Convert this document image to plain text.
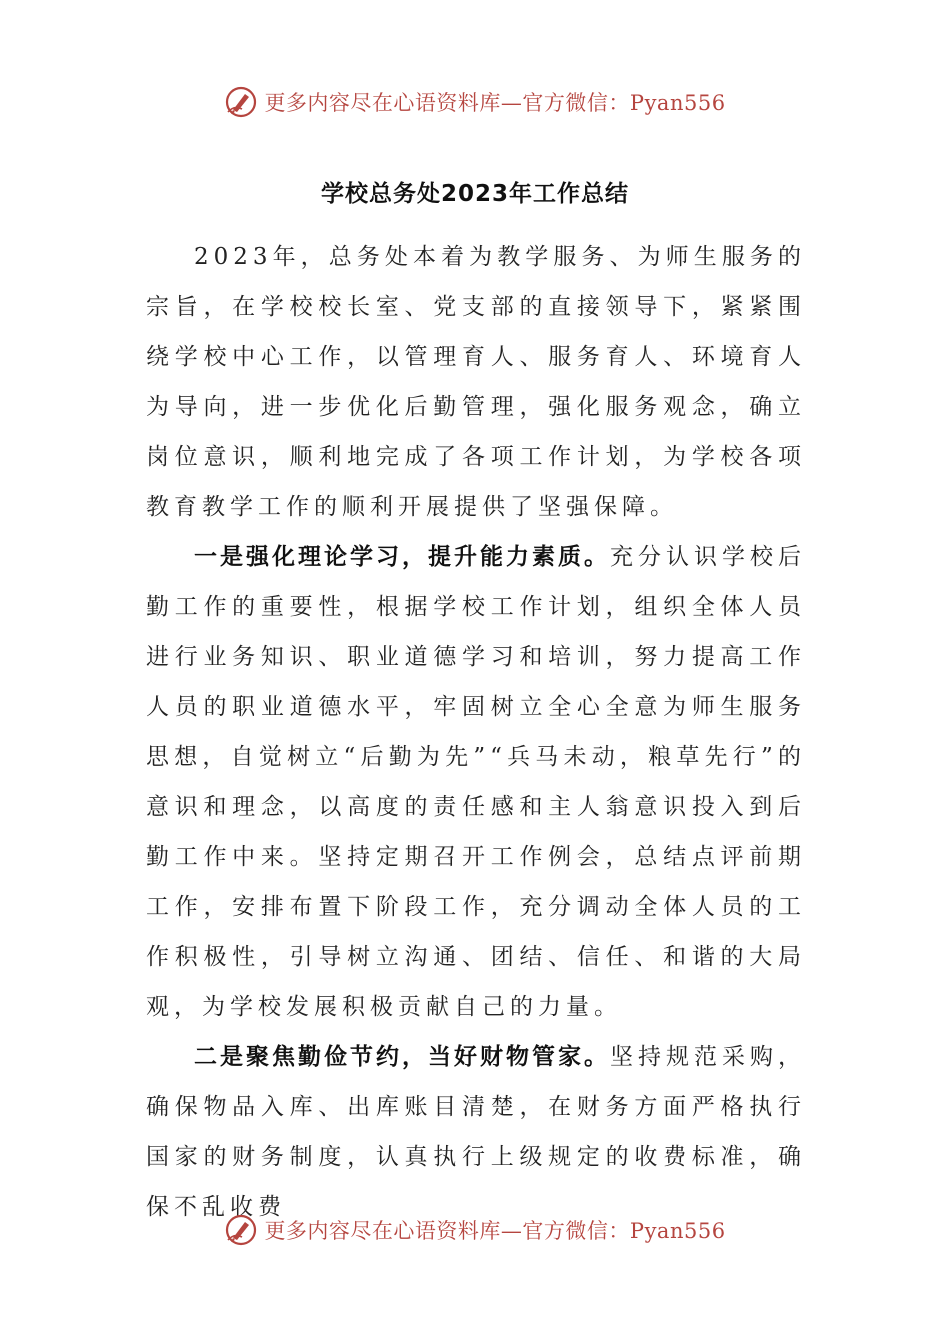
更多内容尽在心语资料库—官方微信：Pyan556
学校总务处2023年工作总结

2023年，总务处本着为教学服务、为师生服务的宗旨，在学校校长室、党支部的直接领导下，紧紧围绕学校中心工作，以管理育人、服务育人、环境育人为导向，进一步优化后勤管理，强化服务观念，确立岗位意识，顺利地完成了各项工作计划，为学校各项教育教学工作的顺利开展提供了坚强保障。

一是强化理论学习，提升能力素质。充分认识学校后勤工作的重要性，根据学校工作计划，组织全体人员进行业务知识、职业道德学习和培训，努力提高工作人员的职业道德水平，牢固树立全心全意为师生服务思想，自觉树立“后勤为先”“兵马未动，粮草先行”的意识和理念，以高度的责任感和主人翁意识投入到后勤工作中来。坚持定期召开工作例会，总结点评前期工作，安排布置下阶段工作，充分调动全体人员的工作积极性，引导树立沟通、团结、信任、和谐的大局观，为学校发展积极贡献自己的力量。

二是聚焦勤俭节约，当好财物管家。坚持规范采购，确保物品入库、出库账目清楚，在财务方面严格执行国家的财务制度，认真执行上级规定的收费标准，确保不乱收费

更多内容尽在心语资料库—官方微信：Pyan556
